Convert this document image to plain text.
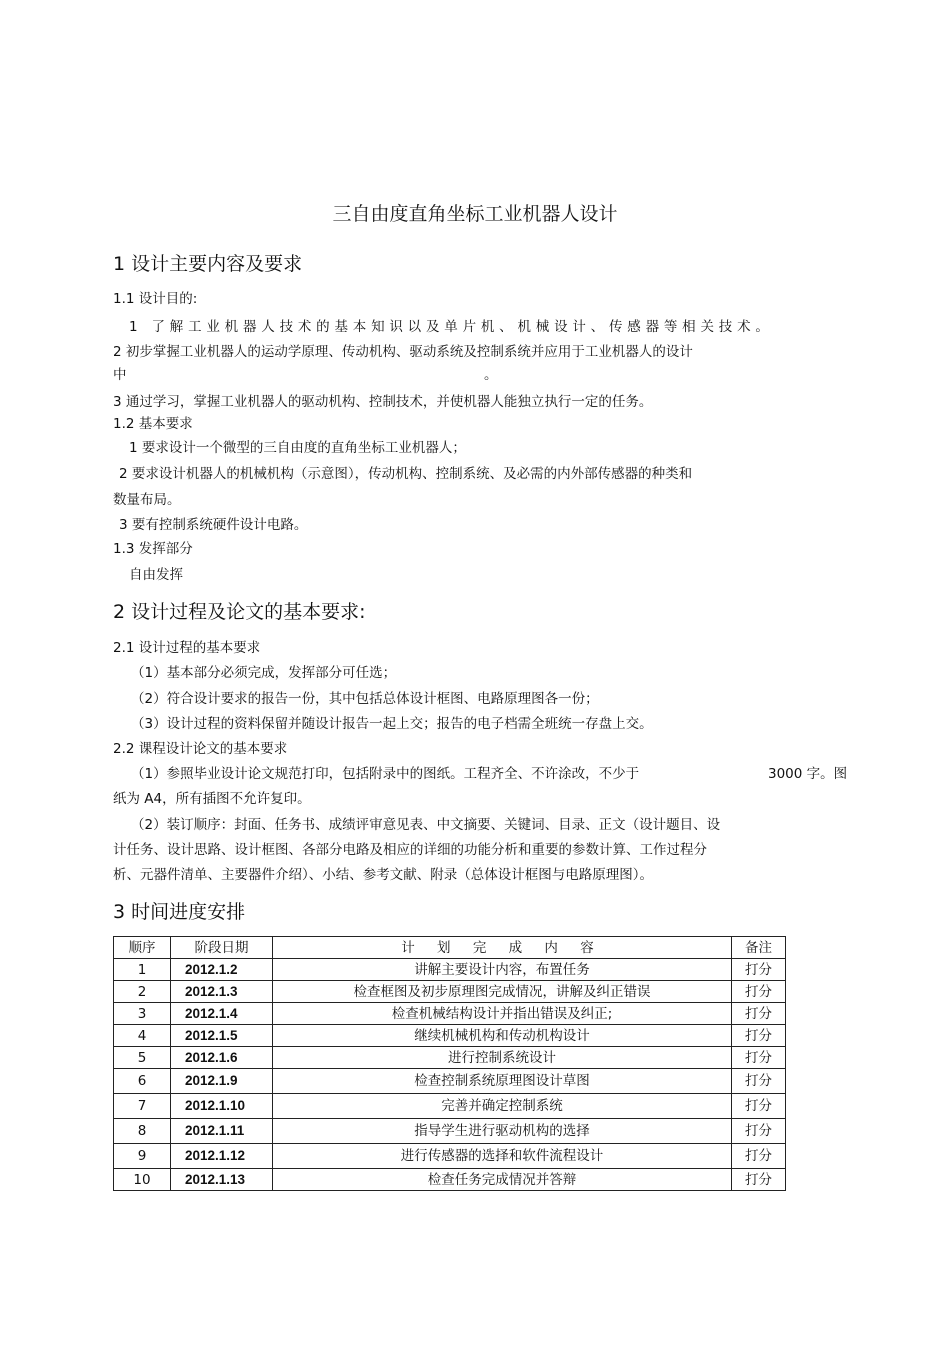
三自由度直角坐标工业机器人设计
1 设计主要内容及要求
1.1 设计目的:
1 了解工业机器人技术的基本知识以及单片机、机械设计、传感器等相关技术。
2 初步掌握工业机器人的运动学原理、传动机构、驱动系统及控制系统并应用于工业机器人的设计
中	。
3 通过学习，掌握工业机器人的驱动机构、控制技术，并使机器人能独立执行一定的任务。
1.2 基本要求
1 要求设计一个微型的三自由度的直角坐标工业机器人；
2 要求设计机器人的机械机构（示意图），传动机构、控制系统、及必需的内外部传感器的种类和
数量布局。
3 要有控制系统硬件设计电路。
1.3 发挥部分
自由发挥
2 设计过程及论文的基本要求:
2.1 设计过程的基本要求
（1）基本部分必须完成，发挥部分可任选；
（2）符合设计要求的报告一份，其中包括总体设计框图、电路原理图各一份；
（3）设计过程的资料保留并随设计报告一起上交；报告的电子档需全班统一存盘上交。
2.2 课程设计论文的基本要求
（1）参照毕业设计论文规范打印，包括附录中的图纸。工程齐全、不许涂改，不少于	3000 字。图
纸为 A4，所有插图不允许复印。
（2）装订顺序：封面、任务书、成绩评审意见表、中文摘要、关键词、目录、正文（设计题目、设
计任务、设计思路、设计框图、各部分电路及相应的详细的功能分析和重要的参数计算、工作过程分
析、元器件清单、主要器件介绍）、小结、参考文献、附录（总体设计框图与电路原理图）。
3 时间进度安排
顺序	阶段日期	计 划 完 成 内 容	备注
1	2012.1.2	讲解主要设计内容，布置任务	打分
2	2012.1.3	检查框图及初步原理图完成情况，讲解及纠正错误	打分
3	2012.1.4	检查机械结构设计并指出错误及纠正;	打分
4	2012.1.5	继续机械机构和传动机构设计	打分
5	2012.1.6	进行控制系统设计	打分
6	2012.1.9	检查控制系统原理图设计草图	打分
7	2012.1.10	完善并确定控制系统	打分
8	2012.1.11	指导学生进行驱动机构的选择	打分
9	2012.1.12	进行传感器的选择和软件流程设计	打分
10	2012.1.13	检查任务完成情况并答辩	打分
